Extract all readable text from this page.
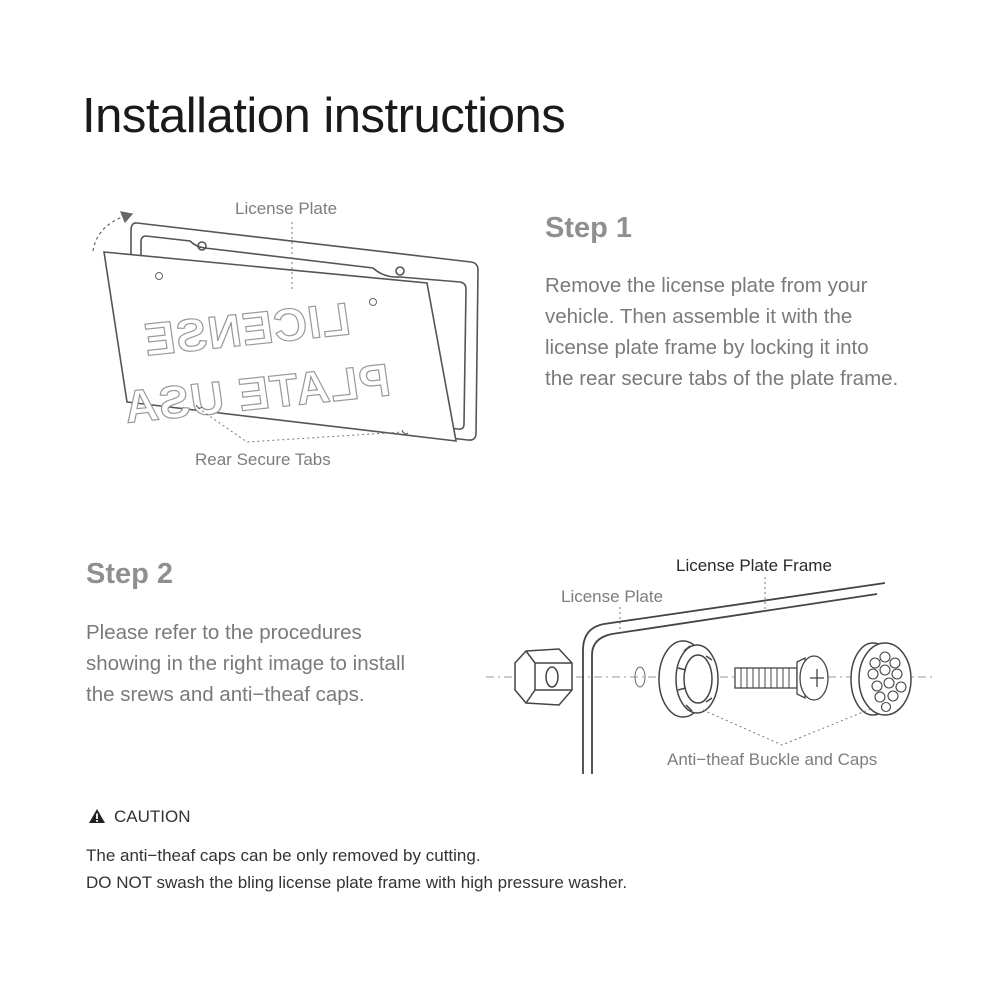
Installation instructions
LICENSE
PLATE USA
License Plate
Rear Secure Tabs
Step 1

Remove the license plate from your
vehicle. Then assemble it with the
license plate frame by locking it into
the rear secure tabs of the plate frame.

Step 2

Please refer to the procedures
showing in the right image to install
the srews and anti−theaf caps.

License Plate Frame
License Plate
Anti−theaf Buckle and Caps
CAUTION

The anti−theaf caps can be only removed by cutting.
DO NOT swash the bling license plate frame with high pressure washer.
